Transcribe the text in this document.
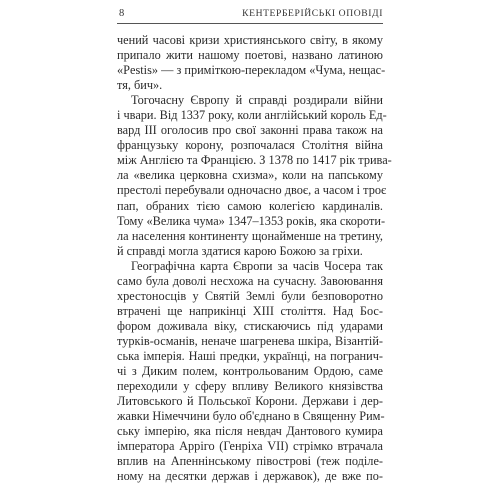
8	КЕНТЕРБЕРІЙСЬКІ ОПОВІДІ
чений часові кризи християнського світу, в якому
припало жити нашому поетові, названо латиною
«Pestis» — з приміткою-перекладом «Чума, нещас-
тя, бич».
Тогочасну Європу й справді роздирали війни
і чвари. Від 1337 року, коли англійський король Ед-
вард III оголосив про свої законні права також на
французьку корону, розпочалася Столітня війна
між Англією та Францією. З 1378 по 1417 рік трива-
ла «велика церковна схизма», коли на папському
престолі перебували одночасно двоє, а часом і троє
пап, обраних тією самою колегією кардиналів.
Тому «Велика чума» 1347–1353 років, яка скороти-
ла населення континенту щонайменше на третину,
й справді могла здатися карою Божою за гріхи.
Географічна карта Європи за часів Чосера так
само була доволі несхожа на сучасну. Завоювання
хрестоносців у Святій Землі були безповоротно
втрачені ще наприкінці XIII століття. Над Бос-
фором доживала віку, стискаючись під ударами
турків-османів, неначе шагренева шкіра, Візантій-
ська імперія. Наші предки, українці, на погранич-
чі з Диким полем, контрольованим Ордою, саме
переходили у сферу впливу Великого князівства
Литовського й Польської Корони. Держави і дер-
жавки Німеччини було об'єднано в Священну Рим-
ську імперію, яка після невдач Дантового кумира
імператора Арріго (Генріха VII) стрімко втрачала
вплив на Апеннінському півострові (теж поділе-
ному на десятки держав і державок), де вже по-
